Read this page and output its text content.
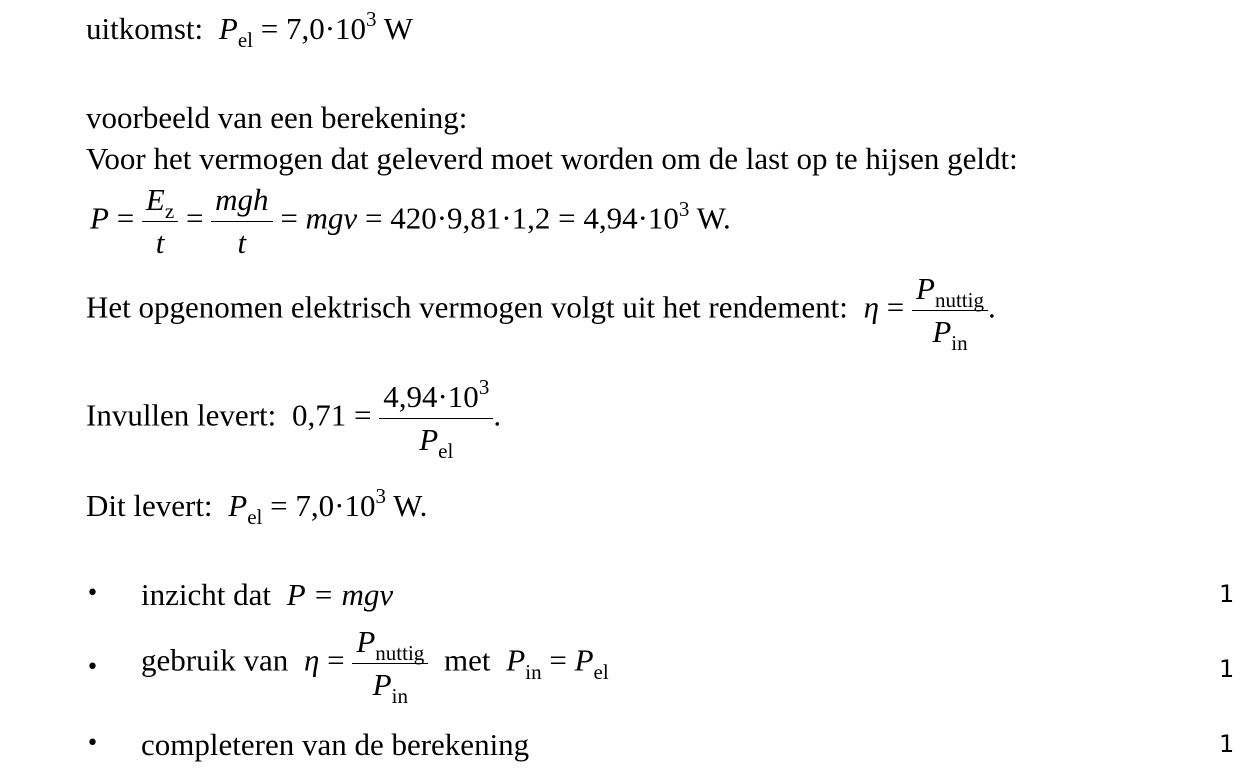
uitkomst: $P_{el} = 7,0\cdot 10^3$ W
voorbeeld van een berekening:
Voor het vermogen dat geleverd moet worden om de last op te hijsen geldt:
$P = \frac{E_z}{t} = \frac{\text{mgh}}{t}$ = mgv = $420\cdot 9,81\cdot 1,2 = 4,94\cdot 10^3$ W.
Het opgenomen elektrisch vermogen volgt uit het rendement: $\eta = \frac{P_{nuttig}}{P_{in}}$ .
Invullen levert: $0,71 = \frac{4,94\cdot 10^3}{P_{el}}$ .
Dit levert: $P_{el} = 7,0\cdot 10^3$ W.
• inzicht dat P = mgv	1
• gebruik van $\eta = \frac{P_{nuttig}}{P_{in}}$ met $P_{in} = P_{el}$	1
• completeren van de berekening	1
